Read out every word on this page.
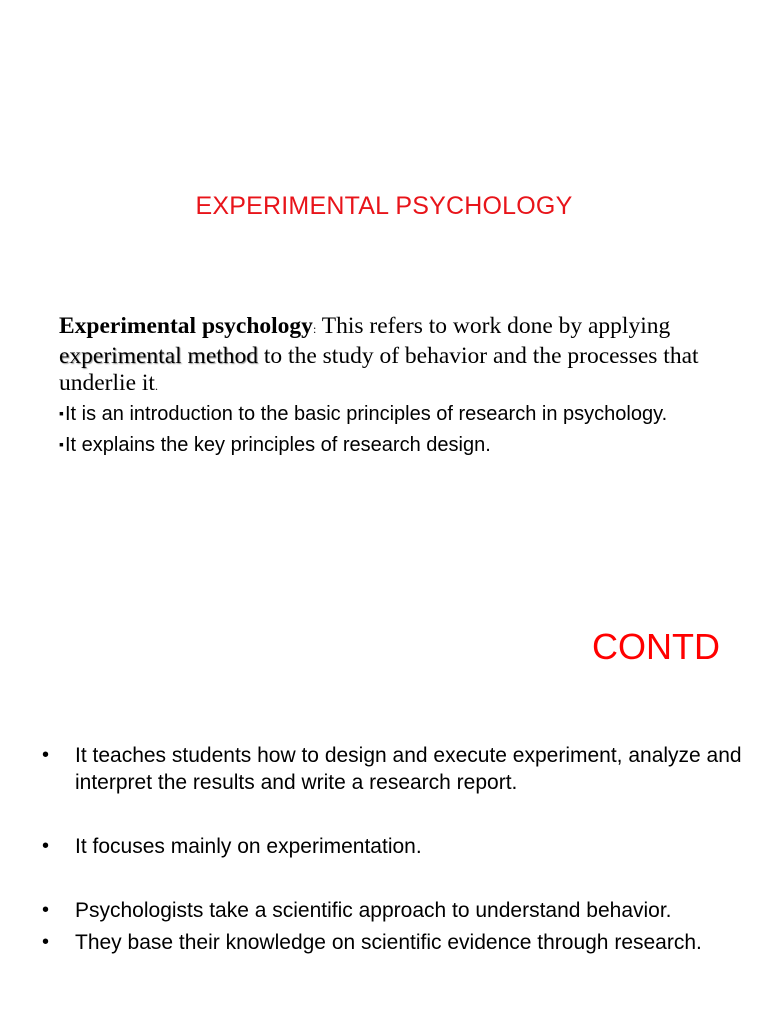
EXPERIMENTAL PSYCHOLOGY
Experimental psychology: This refers to work done by applying experimental method to the study of behavior and the processes that underlie it.
▪It is an introduction to the basic principles of research in psychology.
▪It explains the key principles of research design.
CONTD
• It teaches students how to design and execute experiment, analyze and interpret the results and write a research report.
• It focuses mainly on experimentation.
• Psychologists take a scientific approach to understand behavior.
• They base their knowledge on scientific evidence through research.
